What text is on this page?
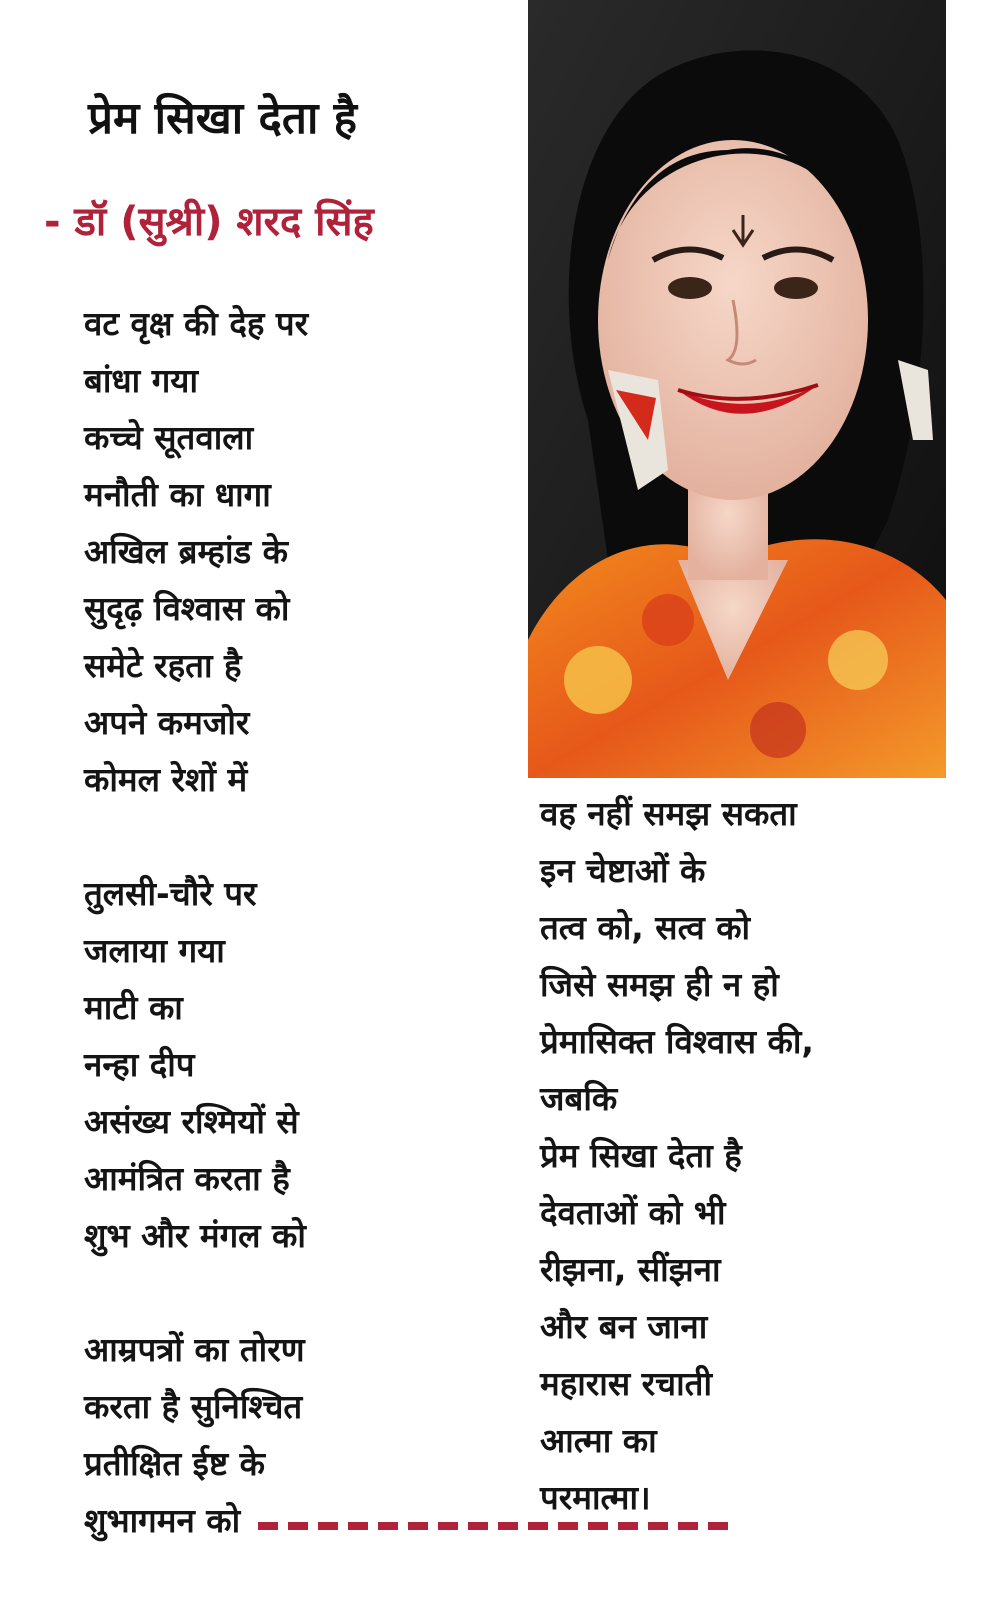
प्रेम सिखा देता है
- डॉ (सुश्री) शरद सिंह
वट वृक्ष की देह पर
बांधा गया
कच्चे सूतवाला
मनौती का धागा
अखिल ब्रम्हांड के
सुदृढ़ विश्वास को
समेटे रहता है
अपने कमजोर
कोमल रेशों में
तुलसी-चौरे पर
जलाया गया
माटी का
नन्हा दीप
असंख्य रश्मियों से
आमंत्रित करता है
शुभ और मंगल को
आम्रपत्रों का तोरण
करता है सुनिश्चित
प्रतीक्षित ईष्ट के
शुभागमन को
वह नहीं समझ सकता
इन चेष्टाओं के
तत्व को, सत्व को
जिसे समझ ही न हो
प्रेमासिक्त विश्वास की,
जबकि
प्रेम सिखा देता है
देवताओं को भी
रीझना, सींझना
और बन जाना
महारास रचाती
आत्मा का
परमात्मा।
